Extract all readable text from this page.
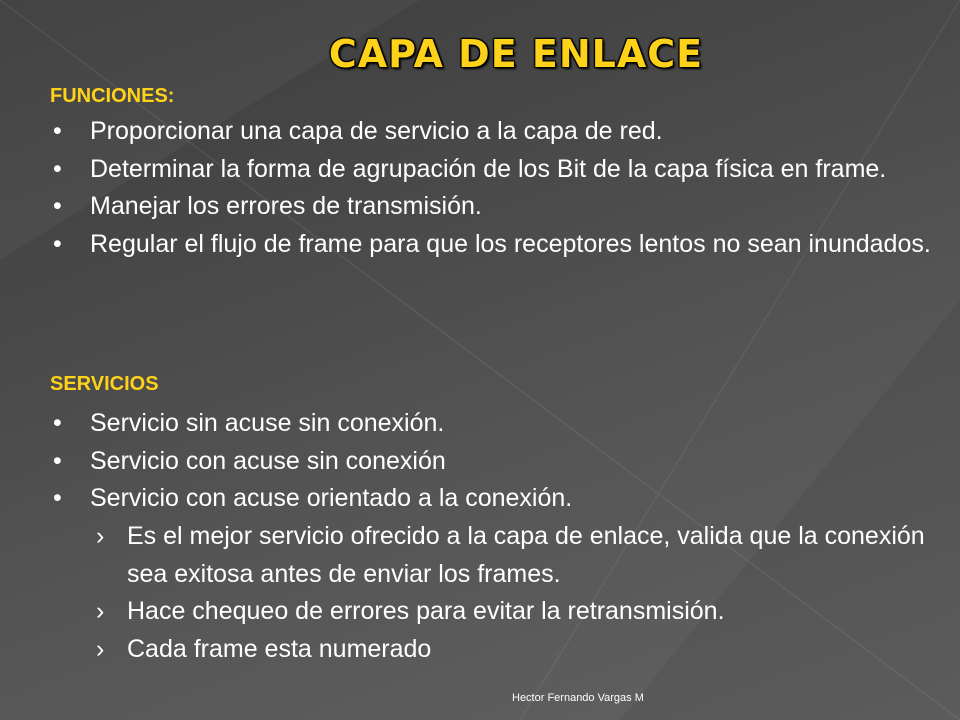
CAPA DE ENLACE
FUNCIONES:
• Proporcionar una capa de servicio a la capa de red.
• Determinar la forma de agrupación de los Bit de la capa física en frame.
• Manejar los errores de transmisión.
• Regular el flujo de frame para que los receptores lentos no sean inundados.
SERVICIOS
• Servicio sin acuse sin conexión.
• Servicio con acuse sin conexión
• Servicio con acuse orientado a la conexión.
› Es el mejor servicio ofrecido a la capa de enlace, valida que la conexión sea exitosa antes de enviar los frames.
› Hace chequeo de errores para evitar la retransmisión.
› Cada frame esta numerado
Hector Fernando Vargas M
